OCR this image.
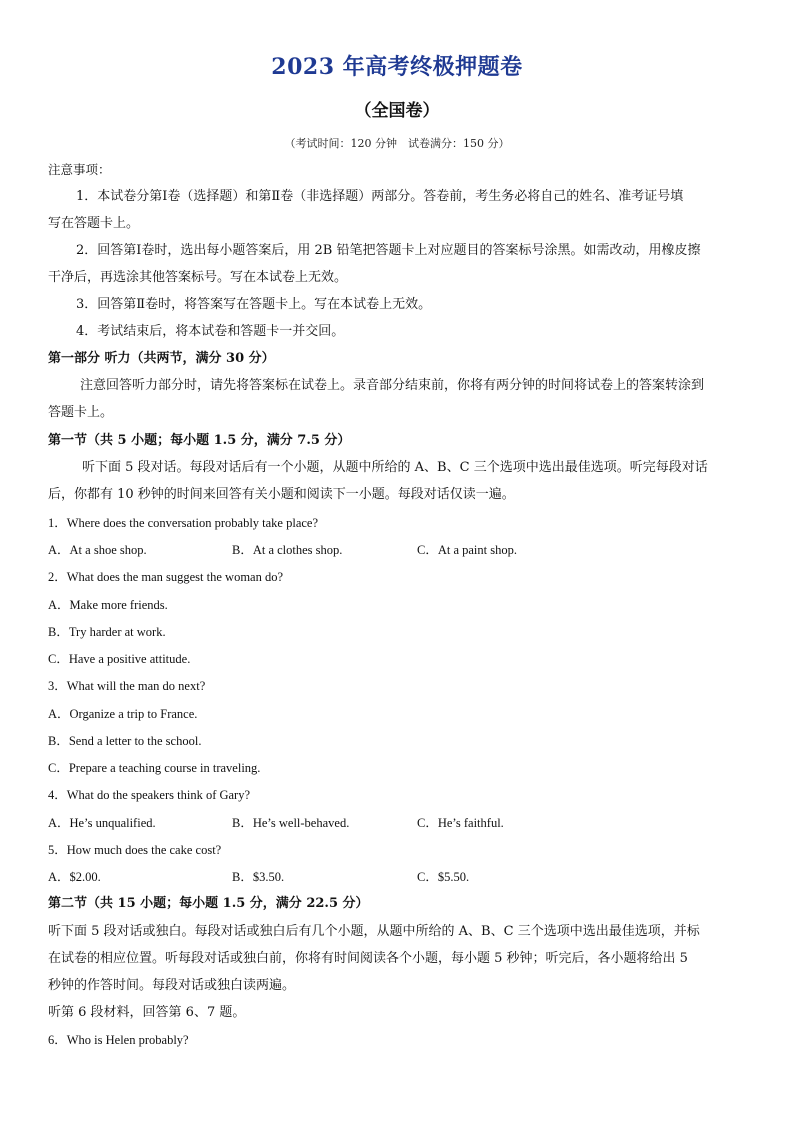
2023 年高考终极押题卷
（全国卷）
（考试时间：120 分钟　试卷满分：150 分）
注意事项：
1．本试卷分第Ⅰ卷（选择题）和第Ⅱ卷（非选择题）两部分。答卷前，考生务必将自己的姓名、准考证号填
写在答题卡上。
2．回答第Ⅰ卷时，选出每小题答案后，用 2B 铅笔把答题卡上对应题目的答案标号涂黑。如需改动，用橡皮擦
干净后，再选涂其他答案标号。写在本试卷上无效。
3．回答第Ⅱ卷时，将答案写在答题卡上。写在本试卷上无效。
4．考试结束后，将本试卷和答题卡一并交回。
第一部分 听力（共两节，满分 30 分）
注意回答听力部分时，请先将答案标在试卷上。录音部分结束前，你将有两分钟的时间将试卷上的答案转涂到
答题卡上。
第一节（共 5 小题；每小题 1.5 分，满分 7.5 分）
听下面 5 段对话。每段对话后有一个小题，从题中所给的 A、B、C 三个选项中选出最佳选项。听完每段对话
后，你都有 10 秒钟的时间来回答有关小题和阅读下一小题。每段对话仅读一遍。
1．Where does the conversation probably take place?
A．At a shoe shop.	B．At a clothes shop.	C．At a paint shop.
2．What does the man suggest the woman do?
A．Make more friends.
B．Try harder at work.
C．Have a positive attitude.
3．What will the man do next?
A．Organize a trip to France.
B．Send a letter to the school.
C．Prepare a teaching course in traveling.
4．What do the speakers think of Gary?
A．He’s unqualified.	B．He’s well-behaved.	C．He’s faithful.
5．How much does the cake cost?
A．$2.00.	B．$3.50.	C．$5.50.
第二节（共 15 小题；每小题 1.5 分，满分 22.5 分）
听下面 5 段对话或独白。每段对话或独白后有几个小题，从题中所给的 A、B、C 三个选项中选出最佳选项，并标
在试卷的相应位置。听每段对话或独白前，你将有时间阅读各个小题，每小题 5 秒钟；听完后，各小题将给出 5
秒钟的作答时间。每段对话或独白读两遍。
听第 6 段材料，回答第 6、7 题。
6．Who is Helen probably?
